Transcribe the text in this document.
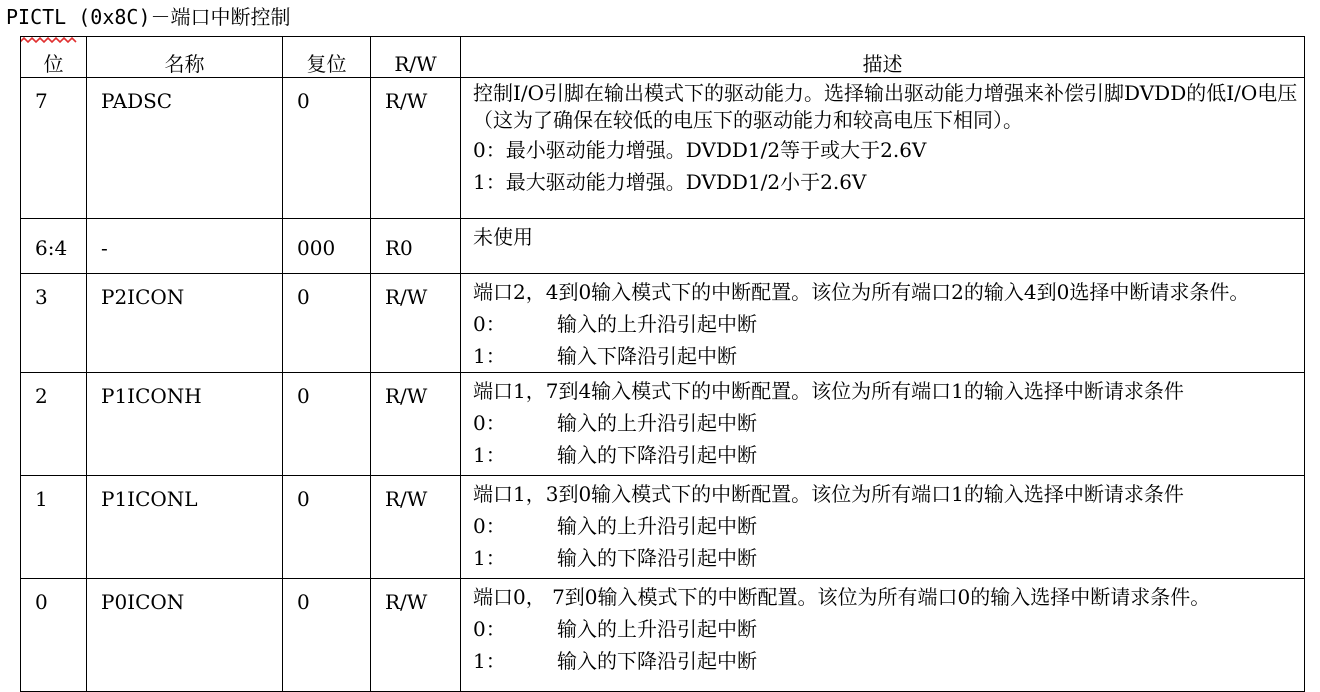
PICTL (0x8C)－端口中断控制
位	名称	复位	R/W	描述
7	PADSC	0	R/W	控制I/O引脚在输出模式下的驱动能力。选择输出驱动能力增强来补偿引脚DVDD的低I/O电压（这为了确保在较低的电压下的驱动能力和较高电压下相同）。
0：最小驱动能力增强。DVDD1/2等于或大于2.6V
1：最大驱动能力增强。DVDD1/2小于2.6V

6:4	-	000	R0	未使用

3	P2ICON	0	R/W	端口2，4到0输入模式下的中断配置。该位为所有端口2的输入4到0选择中断请求条件。
0： 输入的上升沿引起中断
1： 输入下降沿引起中断

2	P1ICONH	0	R/W	端口1，7到4输入模式下的中断配置。该位为所有端口1的输入选择中断请求条件
0： 输入的上升沿引起中断
1： 输入的下降沿引起中断

1	P1ICONL	0	R/W	端口1，3到0输入模式下的中断配置。该位为所有端口1的输入选择中断请求条件
0： 输入的上升沿引起中断
1： 输入的下降沿引起中断

0	P0ICON	0	R/W	端口0， 7到0输入模式下的中断配置。该位为所有端口0的输入选择中断请求条件。
0： 输入的上升沿引起中断
1： 输入的下降沿引起中断
